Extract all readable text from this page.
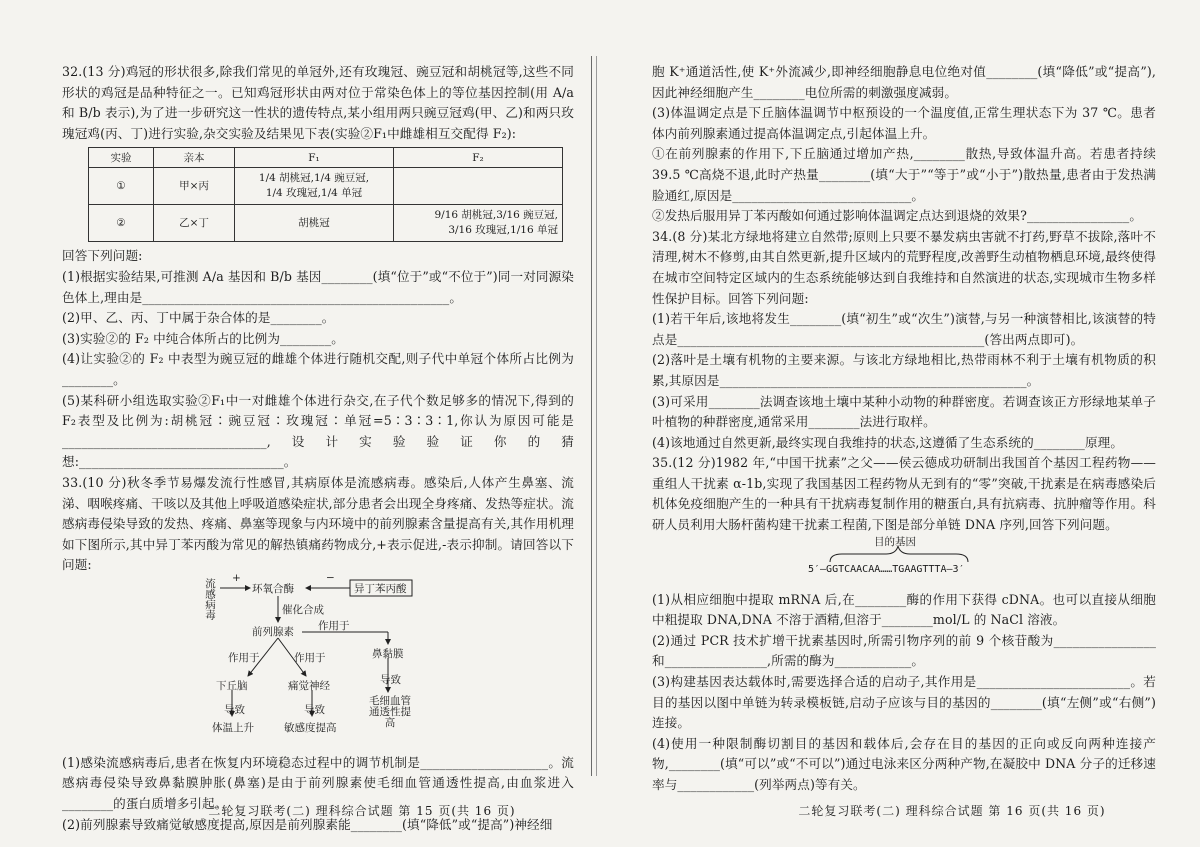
32.(13 分)鸡冠的形状很多,除我们常见的单冠外,还有玫瑰冠、豌豆冠和胡桃冠等,这些不同形状的鸡冠是品种特征之一。已知鸡冠形状由两对位于常染色体上的等位基因控制(用 A/a 和 B/b 表示),为了进一步研究这一性状的遗传特点,某小组用两只豌豆冠鸡(甲、乙)和两只玫瑰冠鸡(丙、丁)进行实验,杂交实验及结果见下表(实验②F₁中雌雄相互交配得 F₂):

实验	亲本	F₁	F₂
①	甲×丙	1/4 胡桃冠,1/4 豌豆冠,
1/4 玫瑰冠,1/4 单冠	

②	乙×丁	胡桃冠	9/16 胡桃冠,3/16 豌豆冠,
3/16 玫瑰冠,1/16 单冠

回答下列问题:

(1)根据实验结果,可推测 A/a 基因和 B/b 基因________(填“位于”或“不位于”)同一对同源染色体上,理由是________________________________________________。

(2)甲、乙、丙、丁中属于杂合体的是________。

(3)实验②的 F₂ 中纯合体所占的比例为________。

(4)让实验②的 F₂ 中表型为豌豆冠的雌雄个体进行随机交配,则子代中单冠个体所占比例为________。

(5)某科研小组选取实验②F₁中一对雌雄个体进行杂交,在子代个数足够多的情况下,得到的 F₂表型及比例为:胡桃冠∶豌豆冠∶玫瑰冠∶单冠=5∶3∶3∶1,你认为原因可能是________________________________,设计实验验证你的猜想:________________________________。

33.(10 分)秋冬季节易爆发流行性感冒,其病原体是流感病毒。感染后,人体产生鼻塞、流涕、咽喉疼痛、干咳以及其他上呼吸道感染症状,部分患者会出现全身疼痛、发热等症状。流感病毒侵染导致的发热、疼痛、鼻塞等现象与内环境中的前列腺素含量提高有关,其作用机理如下图所示,其中异丁苯丙酸为常见的解热镇痛药物成分,+表示促进,-表示抑制。请回答以下问题:

流感病毒 +
环氧合酶
−
异丁苯丙酸
催化合成
前列腺素 作用于
鼻黏膜
作用于	作用于
下丘脑	痛觉神经
导致	导致
导致
体温上升	敏感度提高
毛细血管通透性提高

(1)感染流感病毒后,患者在恢复内环境稳态过程中的调节机制是____________________。流感病毒侵染导致鼻黏膜肿胀(鼻塞)是由于前列腺素使毛细血管通透性提高,由血浆进入________的蛋白质增多引起。

(2)前列腺素导致痛觉敏感度提高,原因是前列腺素能________(填“降低”或“提高”)神经细

二轮复习联考(二) 理科综合试题 第 15 页(共 16 页)

胞 K⁺通道活性,使 K⁺外流减少,即神经细胞静息电位绝对值________(填“降低”或“提高”),因此神经细胞产生________电位所需的刺激强度减弱。

(3)体温调定点是下丘脑体温调节中枢预设的一个温度值,正常生理状态下为 37 ℃。患者体内前列腺素通过提高体温调定点,引起体温上升。

①在前列腺素的作用下,下丘脑通过增加产热,________散热,导致体温升高。若患者持续 39.5 ℃高烧不退,此时产热量________(填“大于”“等于”或“小于”)散热量,患者由于发热满脸通红,原因是____________________________。

②发热后服用异丁苯丙酸如何通过影响体温调定点达到退烧的效果?________________。

34.(8 分)某北方绿地将建立自然带;原则上只要不暴发病虫害就不打药,野草不拔除,落叶不清理,树木不修剪,由其自然更新,提升区域内的荒野程度,改善野生动植物栖息环境,最终使得在城市空间特定区域内的生态系统能够达到自我维持和自然演进的状态,实现城市生物多样性保护目标。回答下列问题:

(1)若干年后,该地将发生________(填“初生”或“次生”)演替,与另一种演替相比,该演替的特点是________________________________________________(答出两点即可)。

(2)落叶是土壤有机物的主要来源。与该北方绿地相比,热带雨林不利于土壤有机物质的积累,其原因是________________________________________________。

(3)可采用________法调查该地土壤中某种小动物的种群密度。若调查该正方形绿地某单子叶植物的种群密度,通常采用________法进行取样。

(4)该地通过自然更新,最终实现自我维持的状态,这遵循了生态系统的________原理。

35.(12 分)1982 年,“中国干扰素”之父——侯云德成功研制出我国首个基因工程药物——重组人干扰素 α-1b,实现了我国基因工程药物从无到有的“零”突破,干扰素是在病毒感染后机体免疫细胞产生的一种具有干扰病毒复制作用的糖蛋白,具有抗病毒、抗肿瘤等作用。科研人员利用大肠杆菌构建干扰素工程菌,下图是部分单链 DNA 序列,回答下列问题。

目的基因
5′—GGTCAACAA……TGAAGTTTA—3′

(1)从相应细胞中提取 mRNA 后,在________酶的作用下获得 cDNA。也可以直接从细胞中粗提取 DNA,DNA 不溶于酒精,但溶于________mol/L 的 NaCl 溶液。

(2)通过 PCR 技术扩增干扰素基因时,所需引物序列的前 9 个核苷酸为________________和________________,所需的酶为____________。

(3)构建基因表达载体时,需要选择合适的启动子,其作用是________________________。若目的基因以图中单链为转录模板链,启动子应该与目的基因的________(填“左侧”或“右侧”)连接。

(4)使用一种限制酶切割目的基因和载体后,会存在目的基因的正向或反向两种连接产物,________(填“可以”或“不可以”)通过电泳来区分两种产物,在凝胶中 DNA 分子的迁移速率与____________(列举两点)等有关。

二轮复习联考(二) 理科综合试题 第 16 页(共 16 页)
